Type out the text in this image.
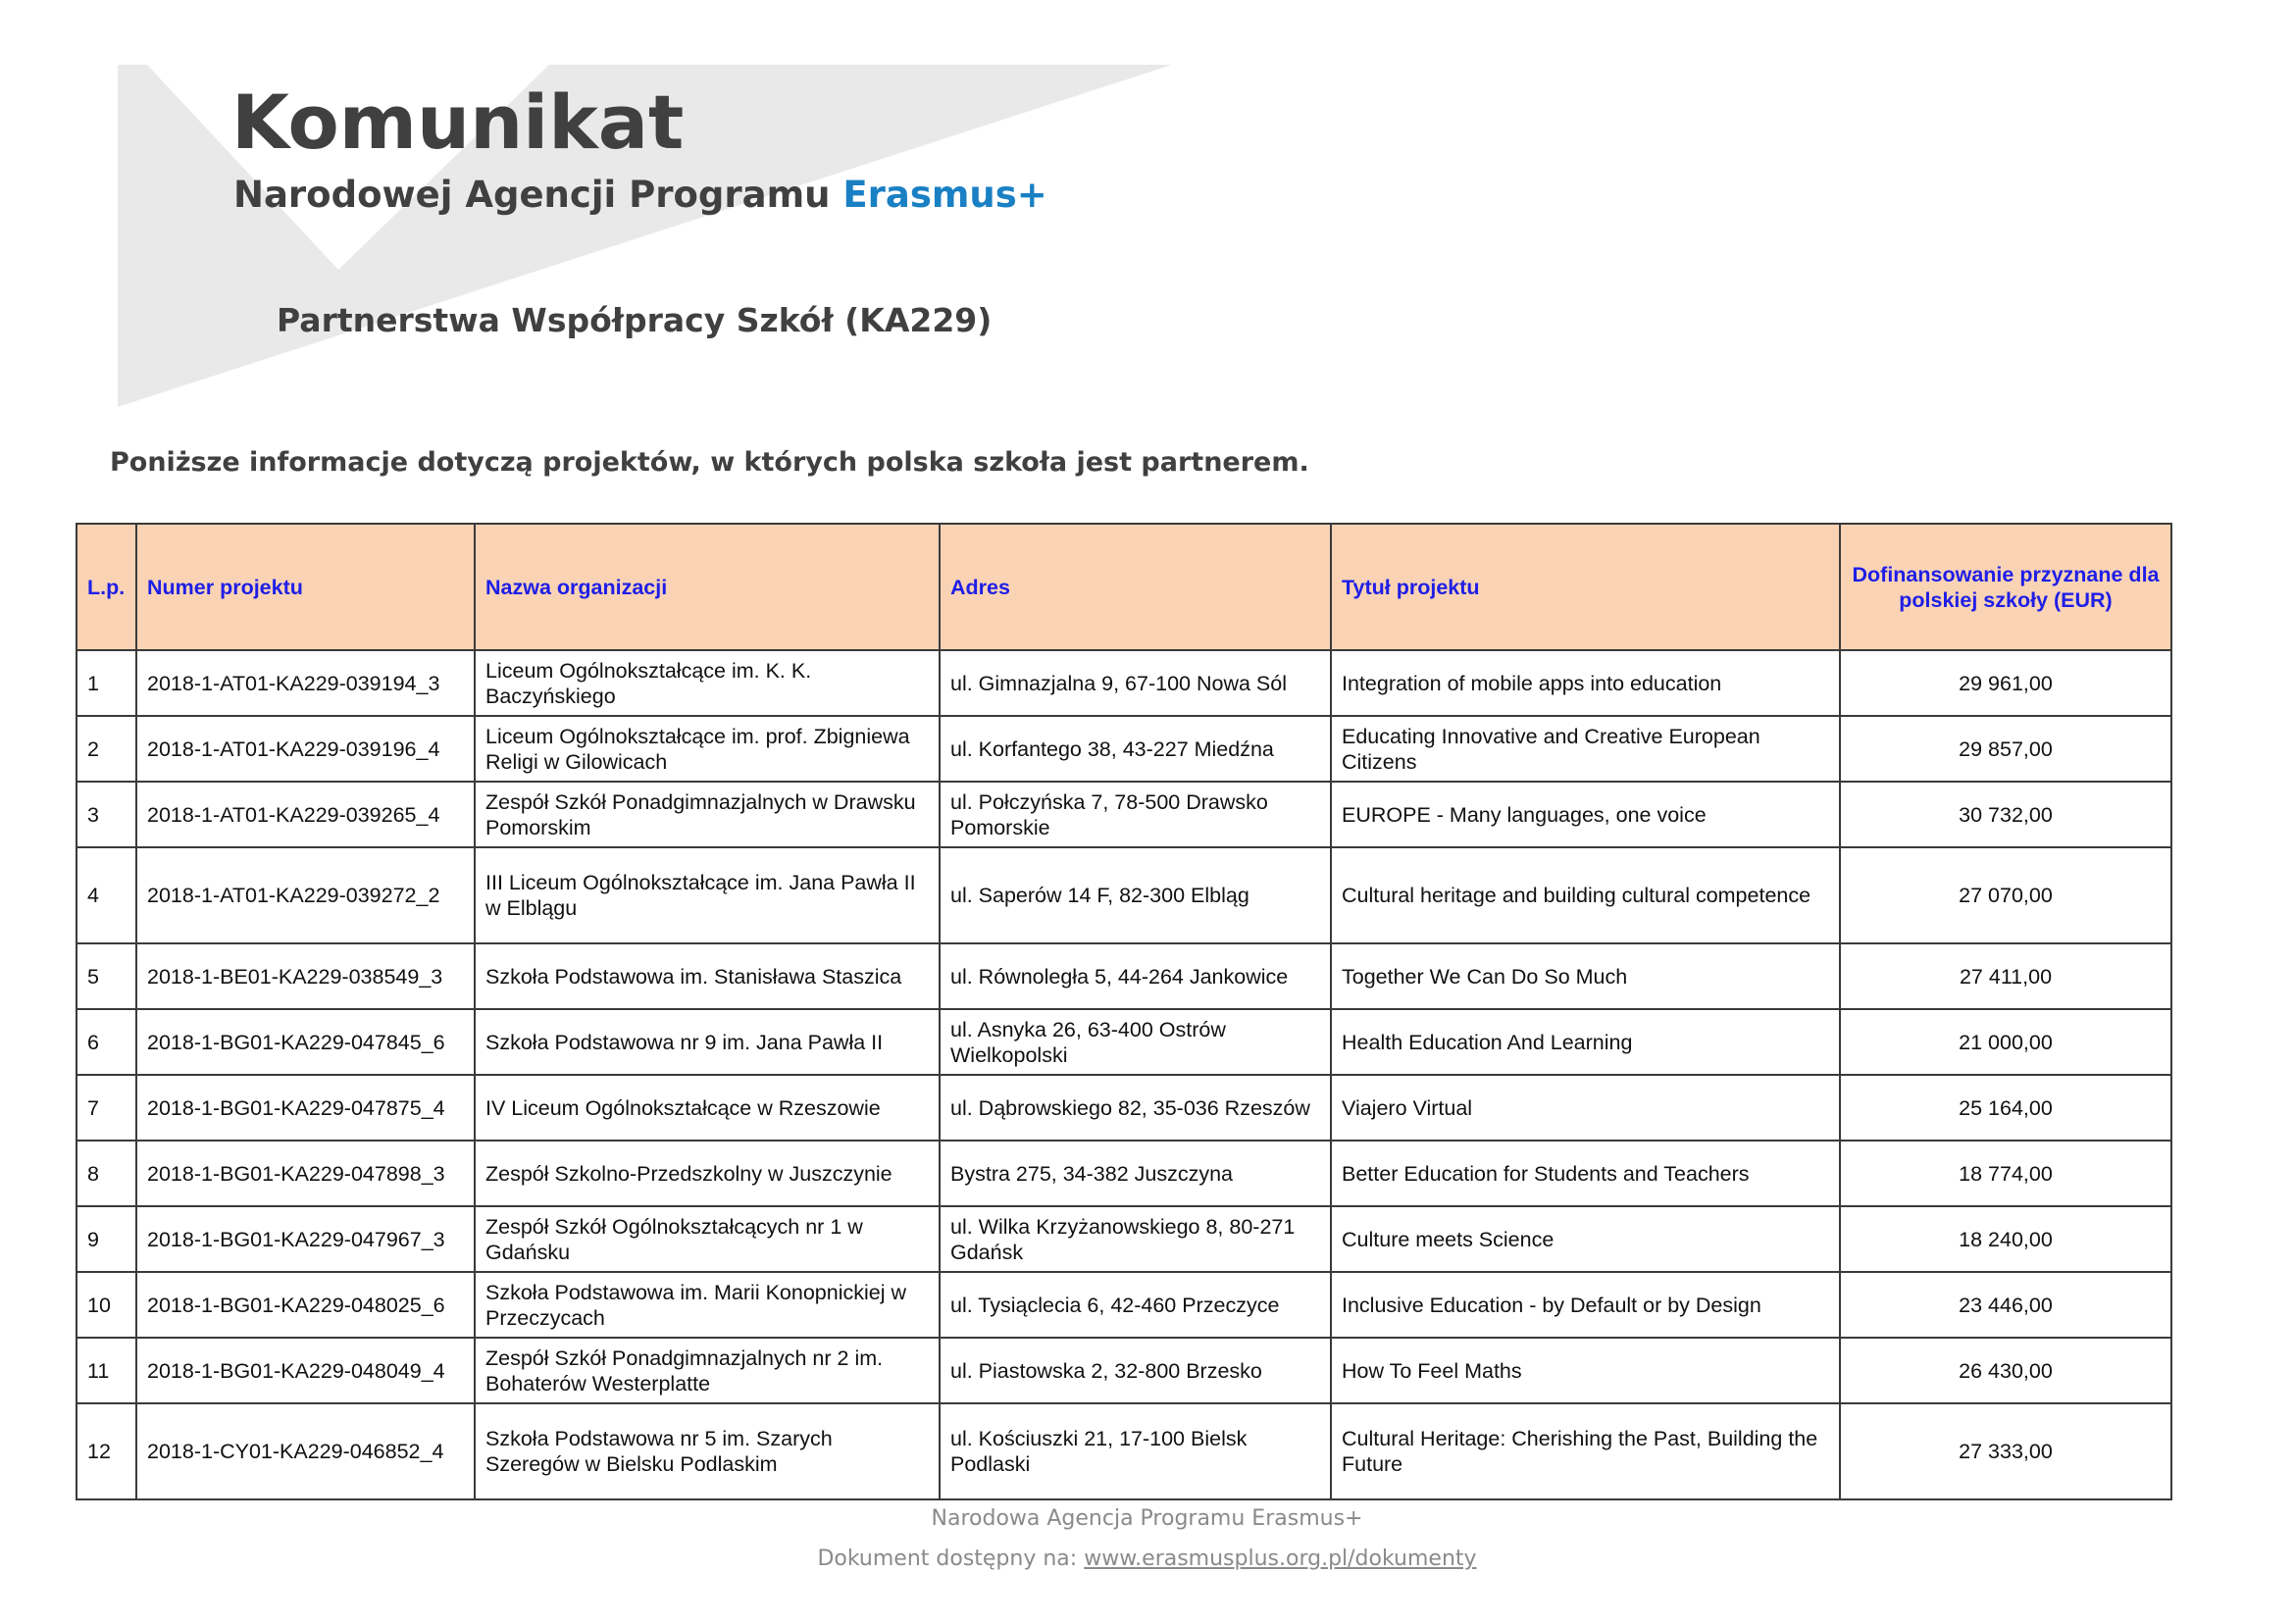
Komunikat
Narodowej Agencji Programu Erasmus+
Partnerstwa Współpracy Szkół (KA229)

Poniższe informacje dotyczą projektów, w których polska szkoła jest partnerem.

L.p.	Numer projektu	Nazwa organizacji	Adres	Tytuł projektu	Dofinansowanie przyznane dla polskiej szkoły (EUR)
1	2018-1-AT01-KA229-039194_3	Liceum Ogólnokształcące im. K. K. Baczyńskiego	ul. Gimnazjalna 9, 67-100 Nowa Sól	Integration of mobile apps into education	29 961,00
2	2018-1-AT01-KA229-039196_4	Liceum Ogólnokształcące im. prof. Zbigniewa Religi w Gilowicach	ul. Korfantego 38, 43-227 Miedźna	Educating Innovative and Creative European Citizens	29 857,00
3	2018-1-AT01-KA229-039265_4	Zespół Szkół Ponadgimnazjalnych w Drawsku Pomorskim	ul. Połczyńska 7, 78-500 Drawsko Pomorskie	EUROPE - Many languages, one voice	30 732,00
4	2018-1-AT01-KA229-039272_2	III Liceum Ogólnokształcące im. Jana Pawła II w Elblągu	ul. Saperów 14 F, 82-300 Elbląg	Cultural heritage and building cultural competence	27 070,00
5	2018-1-BE01-KA229-038549_3	Szkoła Podstawowa im. Stanisława Staszica	ul. Równoległa 5, 44-264 Jankowice	Together We Can Do So Much	27 411,00
6	2018-1-BG01-KA229-047845_6	Szkoła Podstawowa nr 9 im. Jana Pawła II	ul. Asnyka 26, 63-400 Ostrów Wielkopolski	Health Education And Learning	21 000,00
7	2018-1-BG01-KA229-047875_4	IV Liceum Ogólnokształcące w Rzeszowie	ul. Dąbrowskiego 82, 35-036 Rzeszów	Viajero Virtual	25 164,00
8	2018-1-BG01-KA229-047898_3	Zespół Szkolno-Przedszkolny w Juszczynie	Bystra 275, 34-382 Juszczyna	Better Education for Students and Teachers	18 774,00
9	2018-1-BG01-KA229-047967_3	Zespół Szkół Ogólnokształcących nr 1 w Gdańsku	ul. Wilka Krzyżanowskiego 8, 80-271 Gdańsk	Culture meets Science	18 240,00
10	2018-1-BG01-KA229-048025_6	Szkoła Podstawowa im. Marii Konopnickiej w Przeczycach	ul. Tysiąclecia 6, 42-460 Przeczyce	Inclusive Education - by Default or by Design	23 446,00
11	2018-1-BG01-KA229-048049_4	Zespół Szkół Ponadgimnazjalnych nr 2 im. Bohaterów Westerplatte	ul. Piastowska 2, 32-800 Brzesko	How To Feel Maths	26 430,00
12	2018-1-CY01-KA229-046852_4	Szkoła Podstawowa nr 5 im. Szarych Szeregów w Bielsku Podlaskim	ul. Kościuszki 21, 17-100 Bielsk Podlaski	Cultural Heritage: Cherishing the Past, Building the Future	27 333,00
Narodowa Agencja Programu Erasmus+
Dokument dostępny na: www.erasmusplus.org.pl/dokumenty
